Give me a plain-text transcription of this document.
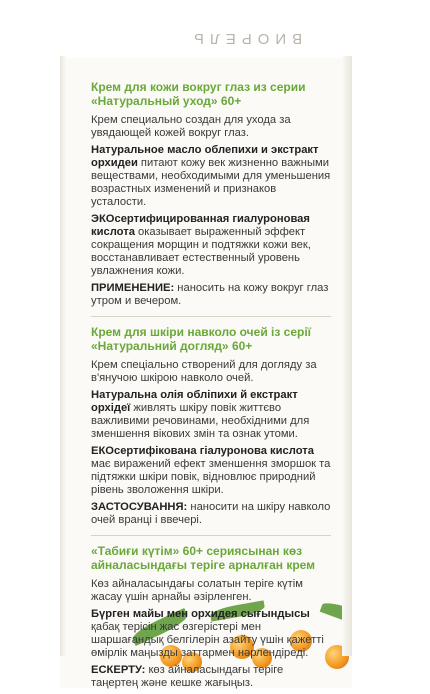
ВИОРЕЛЬ
Крем для кожи вокруг глаз из серии «Натуральный уход» 60+
Крем специально создан для ухода за увядающей кожей вокруг глаз.
Натуральное масло облепихи и экстракт орхидеи питают кожу век жизненно важными веществами, необходимыми для уменьшения возрастных изменений и признаков усталости.
ЭКОсертифицированная гиалуроновая кислота оказывает выраженный эффект сокращения морщин и подтяжки кожи век, восстанавливает естественный уровень увлажнения кожи.
ПРИМЕНЕНИЕ: наносить на кожу вокруг глаз утром и вечером.
Крем для шкіри навколо очей із серії «Натуральний догляд» 60+
Крем спеціально створений для догляду за в'янучою шкірою навколо очей.
Натуральна олія обліпихи й екстракт орхідеї живлять шкіру повік життєво важливими речовинами, необхідними для зменшення вікових змін та ознак утоми.
ЕКОсертифікована гіалуронова кислота має виражений ефект зменшення зморшок та підтяжки шкіри повік, відновлює природний рівень зволоження шкіри.
ЗАСТОСУВАННЯ: наносити на шкіру навколо очей вранці і ввечері.
«Табиғи күтім» 60+ сериясынан көз айналасындағы теріге арналған крем
Көз айналасындағы солатын теріге күтім жасау үшін арнайы әзірленген.
Бүрген майы мен орхидея сығындысы қабақ терісін жас өзгерістері мен шаршағандық белгілерін азайту үшін қажетті өмірлік маңызды заттармен нәрлендіреді.
ЕСКЕРТУ: көз айналасындағы теріге таңертең және кешке жағыңыз.
